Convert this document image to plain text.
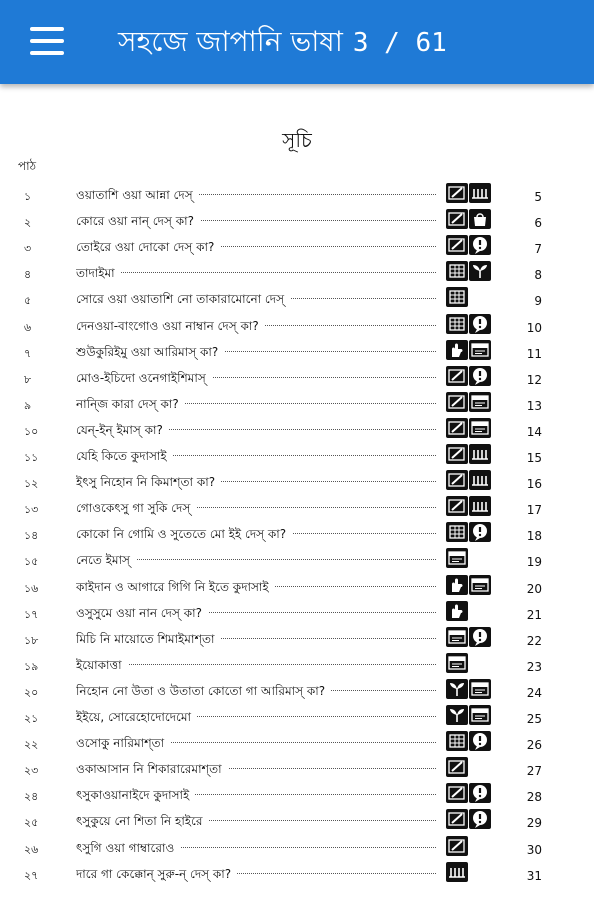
সহজে জাপানি ভাষা 3 / 61
সূচি
পাঠ
১	ওয়াতাশি ওয়া আন্না দেস্	5
২	কোরে ওয়া নান্ দেস্ কা?	6
৩	তোইরে ওয়া দোকো দেস্ কা?	7
৪	তাদাইমা	8
৫	সোরে ওয়া ওয়াতাশি নো তাকারামোনো দেস্	9
৬	দেনওয়া-বাংগোও ওয়া নাম্বান দেস্ কা?	10
৭	শুউকুরিইমু ওয়া আরিমাস্ কা?	11
৮	মোও-ইচিদো ওনেগাইশিমাস্	12
৯	নান্জি কারা দেস্ কা?	13
১০	যেন্-ইন্ ইমাস্ কা?	14
১১	যেহি কিতে কুদাসাই	15
১২	ইৎসু নিহোন নি কিমাশ্‌তা কা?	16
১৩	গোওকেৎসু গা সুকি দেস্	17
১৪	কোকো নি গোমি ও সুতেতে মো ইই দেস্ কা?	18
১৫	নেতে ইমাস্	19
১৬	কাইদান ও আগারে গিগি নি ইতে কুদাসাই	20
১৭	ওসুসুমে ওয়া নান দেস্ কা?	21
১৮	মিচি নি মায়োতে শিমাইমাশ্‌তা	22
১৯	ইয়োকাত্তা	23
২০	নিহোন নো উতা ও উতাতা কোতো গা আরিমাস্ কা?	24
২১	ইইয়ে, সোরেহোদোদেমো	25
২২	ওসোকু নারিমাশ্‌তা	26
২৩	ওকাআসান নি শিকারারেমাশ্‌তা	27
২৪	ৎসুকাওয়ানাইদে কুদাসাই	28
২৫	ৎসুকুয়ে নো শিতা নি হাইরে	29
২৬	ৎসুগি ওয়া গাম্বারোও	30
২৭	দারে গা কেক্কোন্ সুরু-ন্ দেস্ কা?	31
